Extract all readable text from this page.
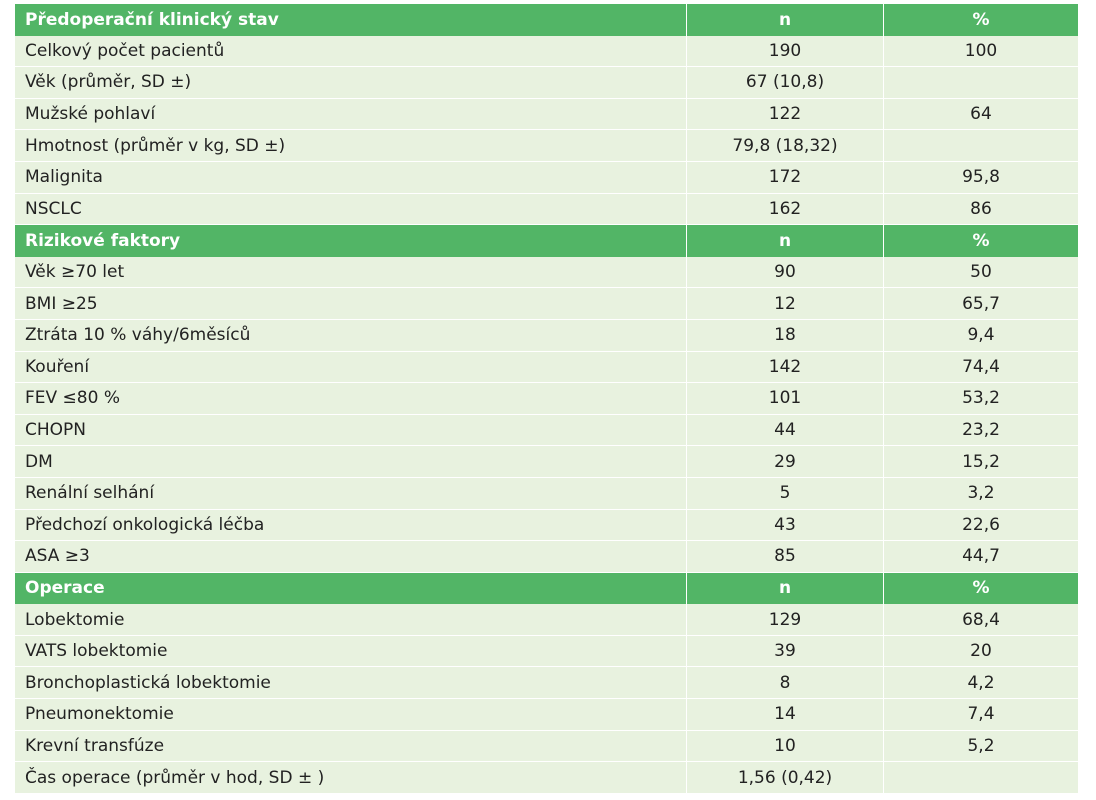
Předoperační klinický stav	n	%
Celkový počet pacientů	190	100
Věk (průměr, SD ±)	67 (10,8)
Mužské pohlaví	122	64
Hmotnost (průměr v kg, SD ±)	79,8 (18,32)
Malignita	172	95,8
NSCLC	162	86
Rizikové faktory	n	%
Věk ≥70 let	90	50
BMI ≥25	12	65,7
Ztráta 10 % váhy/6měsíců	18	9,4
Kouření	142	74,4
FEV ≤80 %	101	53,2
CHOPN	44	23,2
DM	29	15,2
Renální selhání	5	3,2
Předchozí onkologická léčba	43	22,6
ASA ≥3	85	44,7
Operace	n	%
Lobektomie	129	68,4
VATS lobektomie	39	20
Bronchoplastická lobektomie	8	4,2
Pneumonektomie	14	7,4
Krevní transfúze	10	5,2
Čas operace (průměr v hod, SD ± )	1,56 (0,42)
